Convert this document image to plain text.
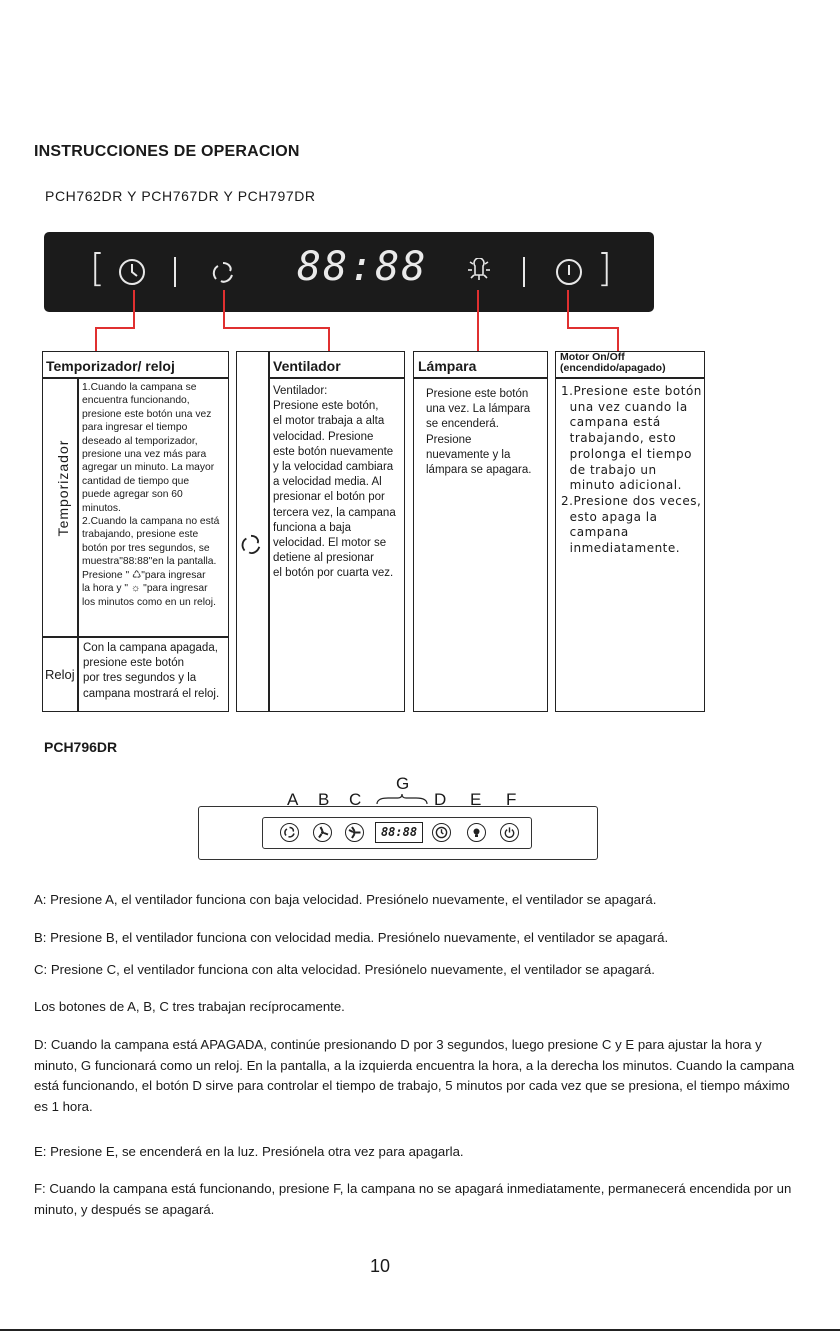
INSTRUCCIONES DE OPERACION
PCH762DR Y PCH767DR Y PCH797DR
[	88:88	]
Temporizador/ reloj
Temporizador
1.Cuando la campana se
encuentra funcionando,
presione este botón una vez
para ingresar el tiempo
deseado al temporizador,
presione una vez más para
agregar un minuto. La mayor
cantidad de tiempo que
puede agregar son 60
minutos.
2.Cuando la campana no está
trabajando, presione este
botón por tres segundos, se
muestra"88:88"en la pantalla.
Presione " ♺"para ingresar
la hora y " ☼ "para ingresar
los minutos como en un reloj.
Reloj
Con la campana apagada,
presione este botón
por tres segundos y la
campana mostrará el reloj.
Ventilador
Ventilador:
Presione este botón,
el motor trabaja a alta
velocidad. Presione
este botón nuevamente
y la velocidad cambiara
a velocidad media. Al
presionar el botón por
tercera vez, la campana
funciona a baja
velocidad. El motor se
detiene al presionar
el botón por cuarta vez.
Lámpara
Presione este botón
una vez. La lámpara
se encenderá.
Presione
nuevamente y la
lámpara se apagara.
Motor On/Off
(encendido/apagado)
1.Presione este botón
una vez cuando la
campana está
trabajando, esto
prolonga el tiempo
de trabajo un
minuto adicional.
2.Presione dos veces,
esto apaga la
campana
inmediatamente.
PCH796DR
A B C
G
D E F
88:88
A: Presione A, el ventilador funciona con baja velocidad. Presiónelo nuevamente, el ventilador se apagará.
B: Presione B, el ventilador funciona con velocidad media. Presiónelo nuevamente, el ventilador se apagará.
C: Presione C, el ventilador funciona con alta velocidad. Presiónelo nuevamente, el ventilador se apagará.
Los botones de A, B, C tres trabajan recíprocamente.
D: Cuando la campana está APAGADA, continúe presionando D por 3 segundos, luego presione C y E para ajustar la hora y minuto, G funcionará como un reloj. En la pantalla, a la izquierda encuentra la hora, a la derecha los minutos. Cuando la campana está funcionando, el botón D sirve para controlar el tiempo de trabajo, 5 minutos por cada vez que se presiona, el tiempo máximo es 1 hora.
E: Presione E, se encenderá en la luz. Presiónela otra vez para apagarla.
F: Cuando la campana está funcionando, presione F, la campana no se apagará inmediatamente, permanecerá encendida por un minuto, y después se apagará.
10
